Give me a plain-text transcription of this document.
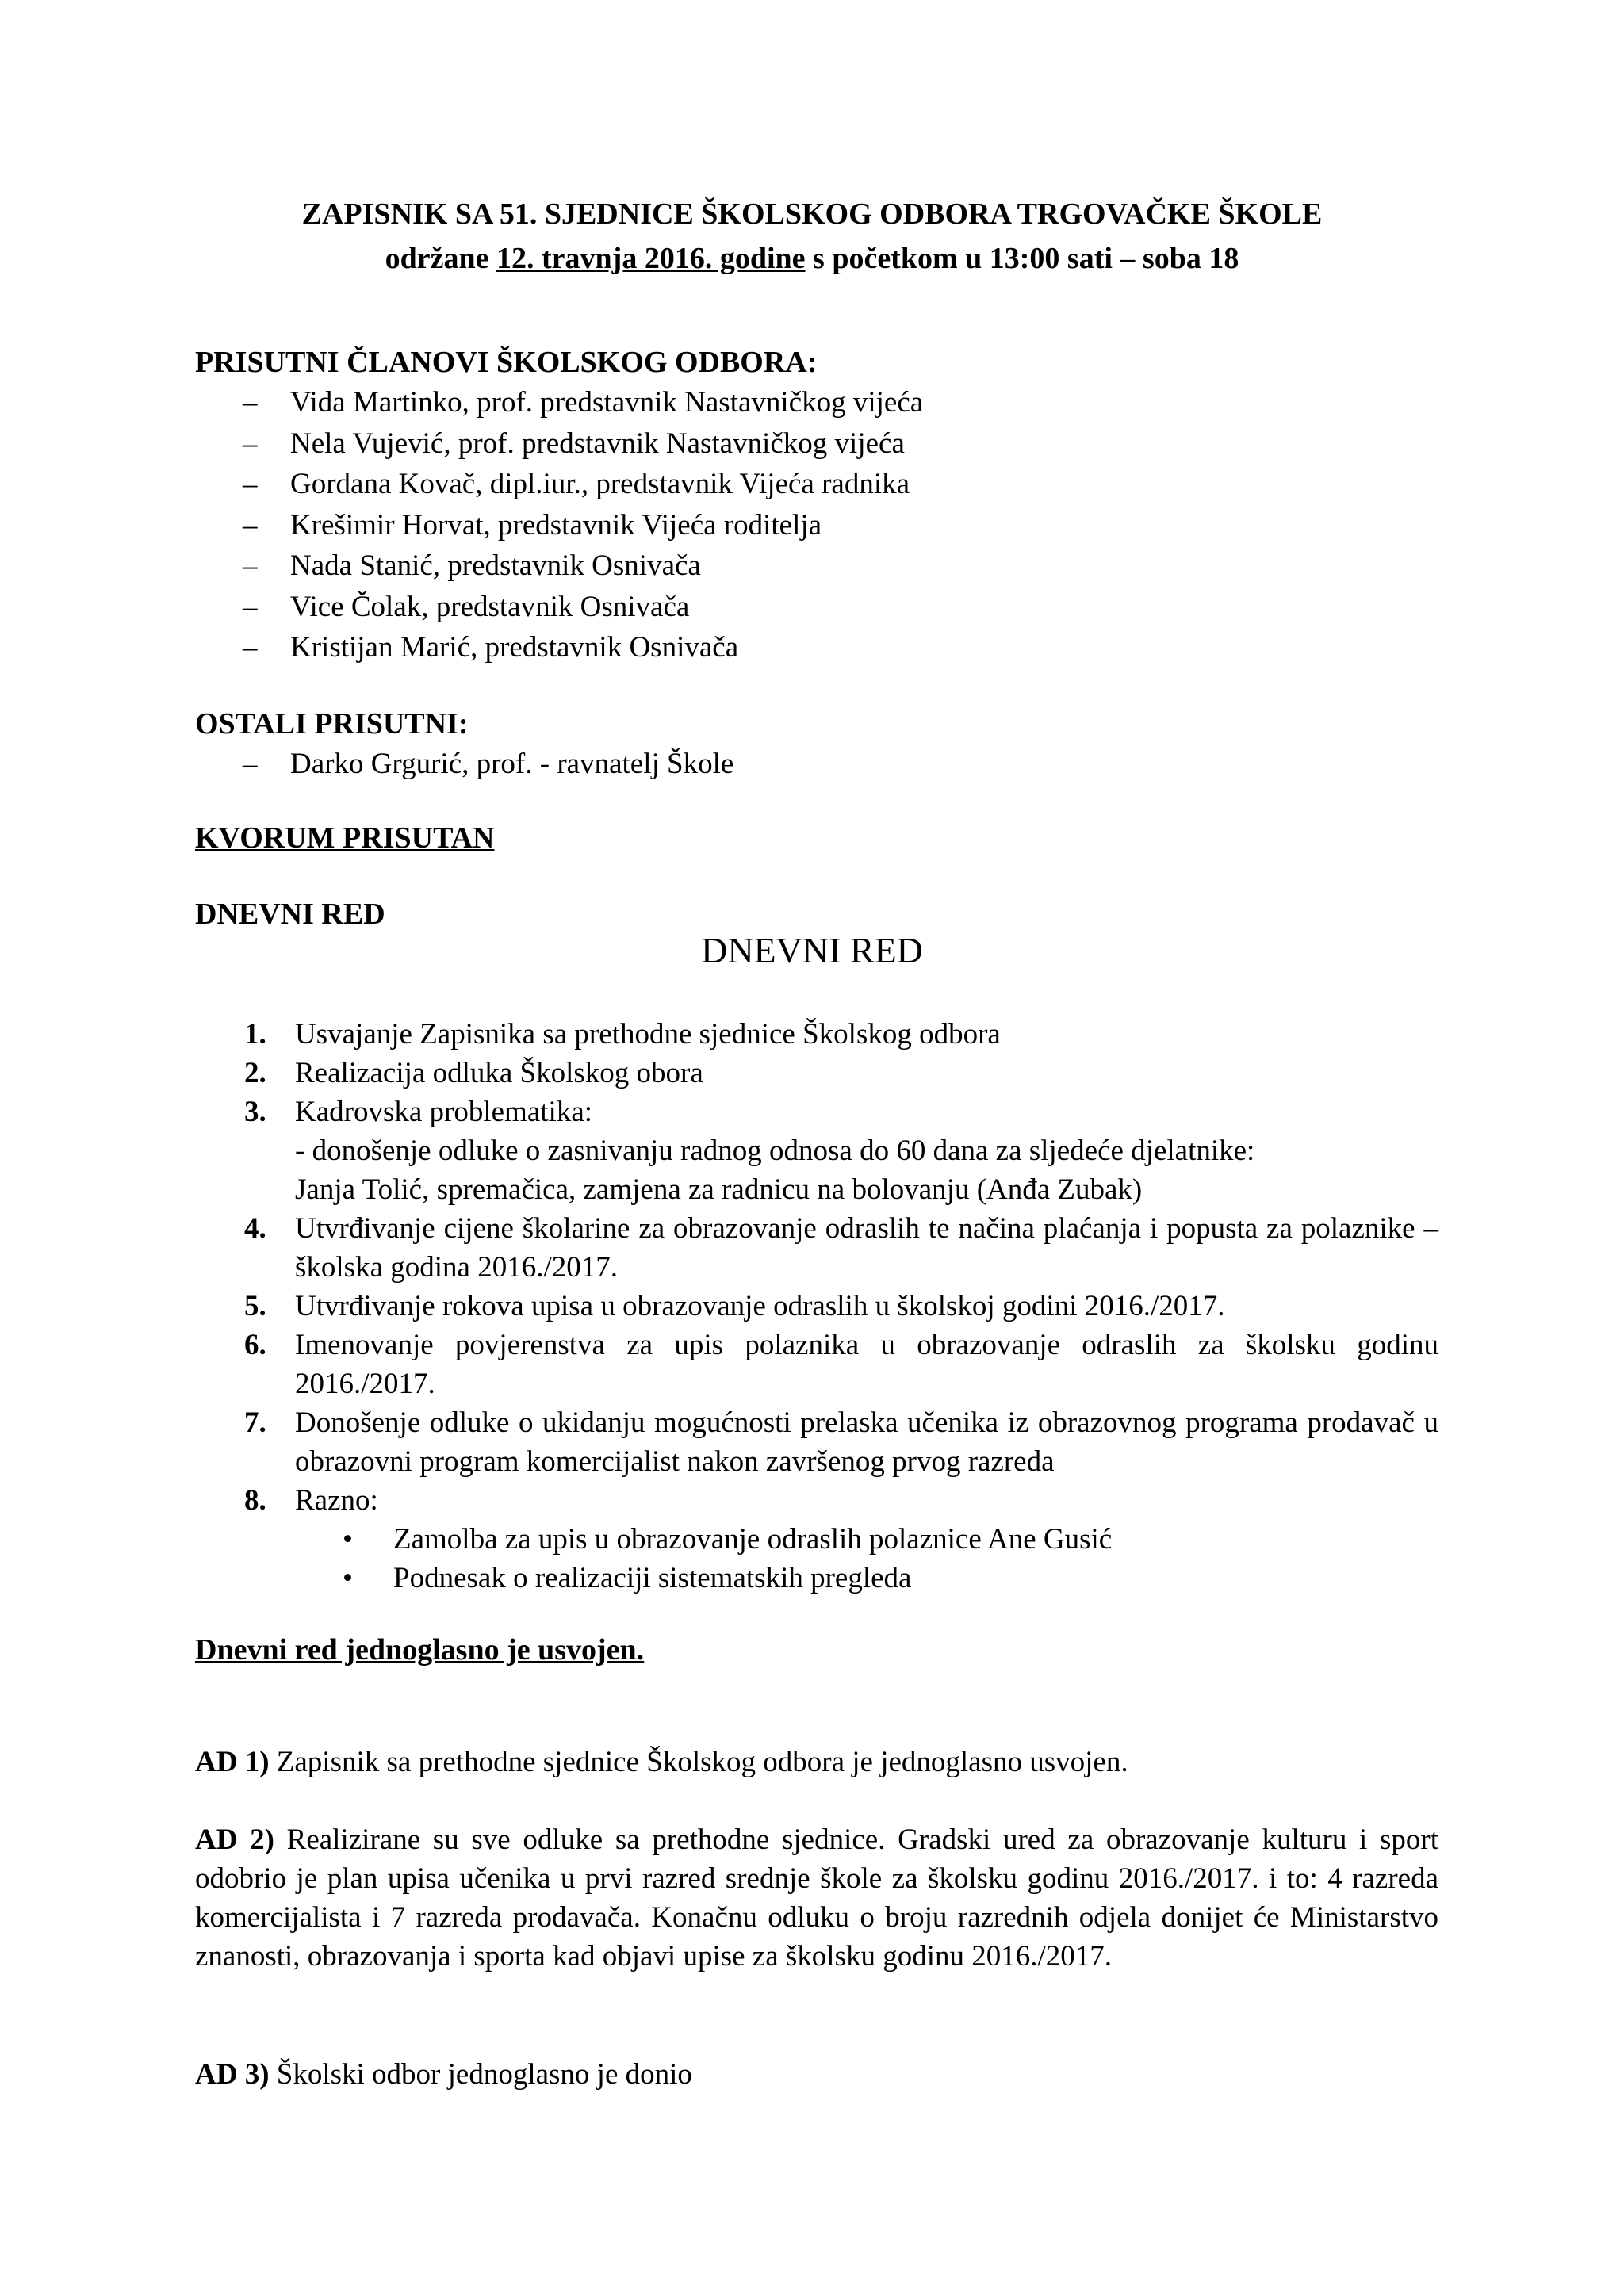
ZAPISNIK SA 51. SJEDNICE ŠKOLSKOG ODBORA TRGOVAČKE ŠKOLE
održane 12. travnja 2016. godine s početkom u 13:00 sati – soba 18
PRISUTNI ČLANOVI ŠKOLSKOG ODBORA:
– Vida Martinko, prof. predstavnik Nastavničkog vijeća
– Nela Vujević, prof. predstavnik Nastavničkog vijeća
– Gordana Kovač, dipl.iur., predstavnik Vijeća radnika
– Krešimir Horvat, predstavnik Vijeća roditelja
– Nada Stanić, predstavnik Osnivača
– Vice Čolak, predstavnik Osnivača
– Kristijan Marić, predstavnik Osnivača
OSTALI PRISUTNI:
– Darko Grgurić, prof. - ravnatelj Škole
KVORUM PRISUTAN
DNEVNI RED
DNEVNI RED
1. Usvajanje Zapisnika sa prethodne sjednice Školskog odbora
2. Realizacija odluka Školskog obora
3. Kadrovska problematika:
- donošenje odluke o zasnivanju radnog odnosa do 60 dana za sljedeće djelatnike:
Janja Tolić, spremačica, zamjena za radnicu na bolovanju (Anđa Zubak)
4. Utvrđivanje cijene školarine za obrazovanje odraslih te načina plaćanja i popusta za polaznike – školska godina 2016./2017.
5. Utvrđivanje rokova upisa u obrazovanje odraslih u školskoj godini 2016./2017.
6. Imenovanje povjerenstva za upis polaznika u obrazovanje odraslih za školsku godinu 2016./2017.
7. Donošenje odluke o ukidanju mogućnosti prelaska učenika iz obrazovnog programa prodavač u obrazovni program komercijalist nakon završenog prvog razreda
8. Razno:
• Zamolba za upis u obrazovanje odraslih polaznice Ane Gusić
• Podnesak o realizaciji sistematskih pregleda
Dnevni red jednoglasno je usvojen.
AD 1) Zapisnik sa prethodne sjednice Školskog odbora je jednoglasno usvojen.
AD 2) Realizirane su sve odluke sa prethodne sjednice. Gradski ured za obrazovanje kulturu i sport odobrio je plan upisa učenika u prvi razred srednje škole za školsku godinu 2016./2017. i to: 4 razreda komercijalista i 7 razreda prodavača. Konačnu odluku o broju razrednih odjela donijet će Ministarstvo znanosti, obrazovanja i sporta kad objavi upise za školsku godinu 2016./2017.
AD 3) Školski odbor jednoglasno je donio
